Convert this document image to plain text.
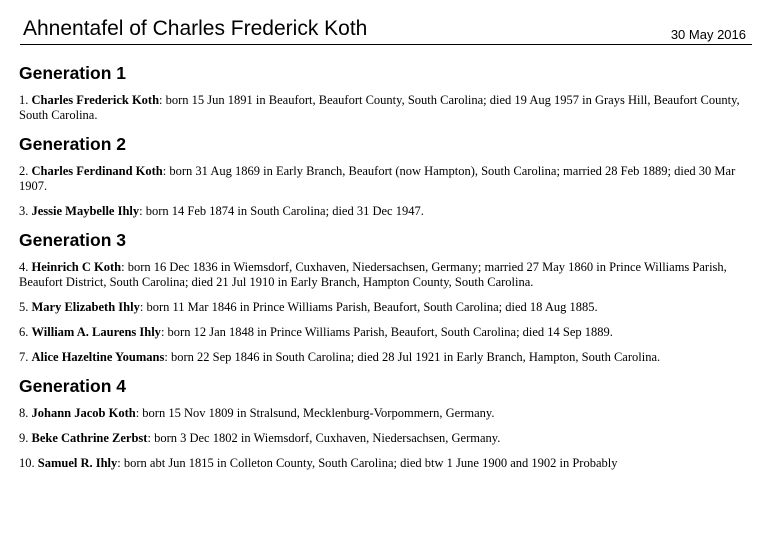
Ahnentafel of Charles Frederick Koth	30 May 2016
Generation 1
1. Charles Frederick Koth: born 15 Jun 1891 in Beaufort, Beaufort County, South Carolina; died 19 Aug 1957 in Grays Hill, Beaufort County, South Carolina.
Generation 2
2. Charles Ferdinand Koth: born 31 Aug 1869 in Early Branch, Beaufort (now Hampton), South Carolina; married 28 Feb 1889; died 30 Mar 1907.
3. Jessie Maybelle Ihly: born 14 Feb 1874 in South Carolina; died 31 Dec 1947.
Generation 3
4. Heinrich C Koth: born 16 Dec 1836 in Wiemsdorf, Cuxhaven, Niedersachsen, Germany; married 27 May 1860 in Prince Williams Parish, Beaufort District, South Carolina; died 21 Jul 1910 in Early Branch, Hampton County, South Carolina.
5. Mary Elizabeth Ihly: born 11 Mar 1846 in Prince Williams Parish, Beaufort, South Carolina; died 18 Aug 1885.
6. William A. Laurens Ihly: born 12 Jan 1848 in Prince Williams Parish, Beaufort, South Carolina; died 14 Sep 1889.
7. Alice Hazeltine Youmans: born 22 Sep 1846 in South Carolina; died 28 Jul 1921 in Early Branch, Hampton, South Carolina.
Generation 4
8. Johann Jacob Koth: born 15 Nov 1809 in Stralsund, Mecklenburg-Vorpommern, Germany.
9. Beke Cathrine Zerbst: born 3 Dec 1802 in Wiemsdorf, Cuxhaven, Niedersachsen, Germany.
10. Samuel R. Ihly: born abt Jun 1815 in Colleton County, South Carolina; died btw 1 June 1900 and 1902 in Probably
